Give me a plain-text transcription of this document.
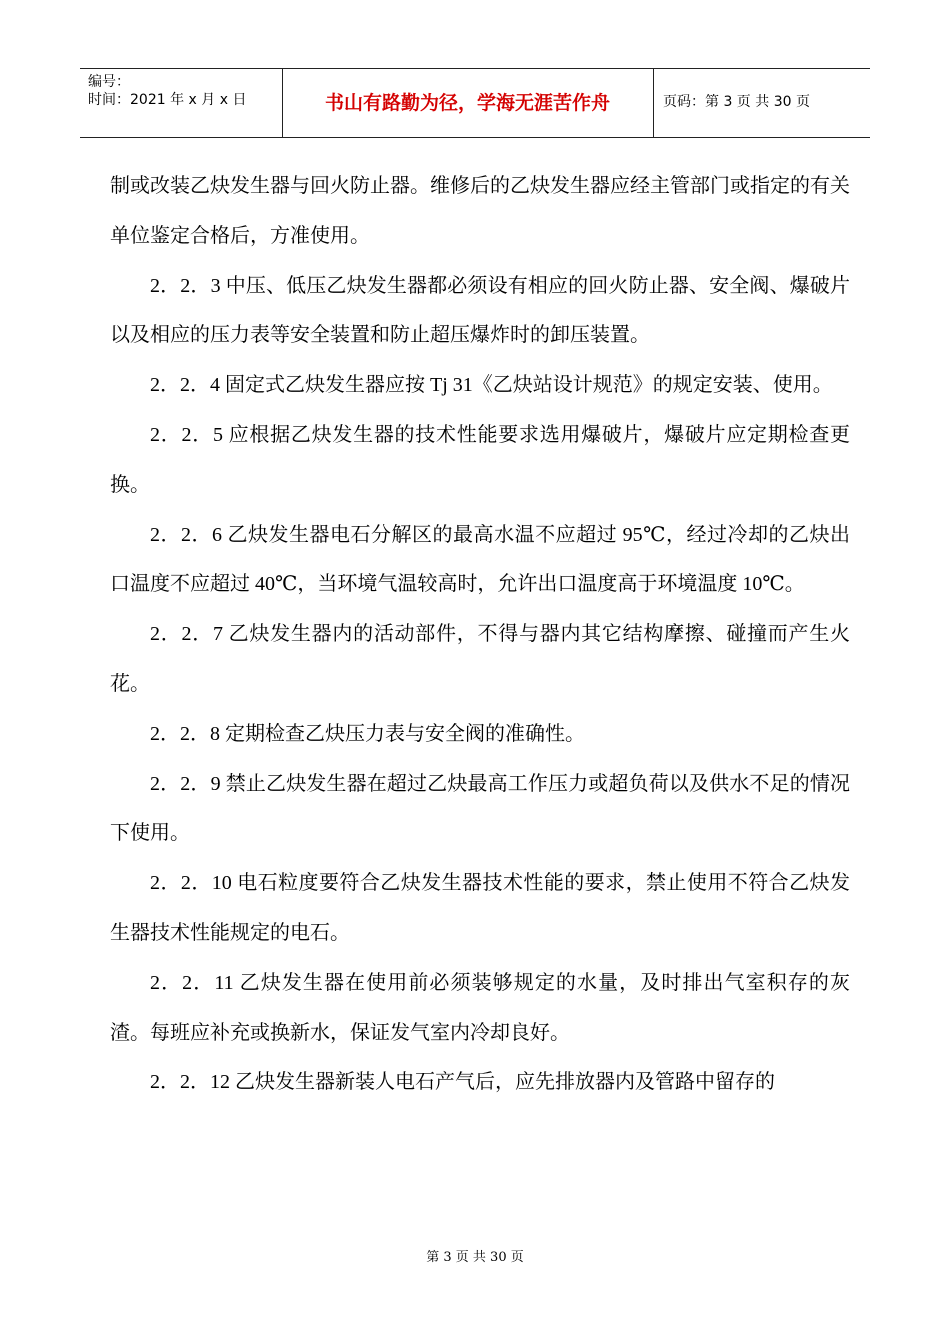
编号：
时间：2021 年 x 月 x 日	书山有路勤为径，学海无涯苦作舟	页码：第 3 页 共 30 页

制或改装乙炔发生器与回火防止器。维修后的乙炔发生器应经主管部门或指定的有关单位鉴定合格后，方准使用。

2．2．3 中压、低压乙炔发生器都必须设有相应的回火防止器、安全阀、爆破片以及相应的压力表等安全装置和防止超压爆炸时的卸压装置。

2．2．4 固定式乙炔发生器应按 Tj 31《乙炔站设计规范》的规定安装、使用。

2．2．5 应根据乙炔发生器的技术性能要求选用爆破片，爆破片应定期检查更换。

2．2．6 乙炔发生器电石分解区的最高水温不应超过 95℃，经过冷却的乙炔出口温度不应超过 40℃，当环境气温较高时，允许出口温度高于环境温度 10℃。

2．2．7 乙炔发生器内的活动部件，不得与器内其它结构摩擦、碰撞而产生火花。

2．2．8 定期检查乙炔压力表与安全阀的准确性。

2．2．9 禁止乙炔发生器在超过乙炔最高工作压力或超负荷以及供水不足的情况下使用。

2．2．10 电石粒度要符合乙炔发生器技术性能的要求，禁止使用不符合乙炔发生器技术性能规定的电石。

2．2．11 乙炔发生器在使用前必须装够规定的水量，及时排出气室积存的灰渣。每班应补充或换新水，保证发气室内冷却良好。

2．2．12 乙炔发生器新装人电石产气后，应先排放器内及管路中留存的

第 3 页 共 30 页
